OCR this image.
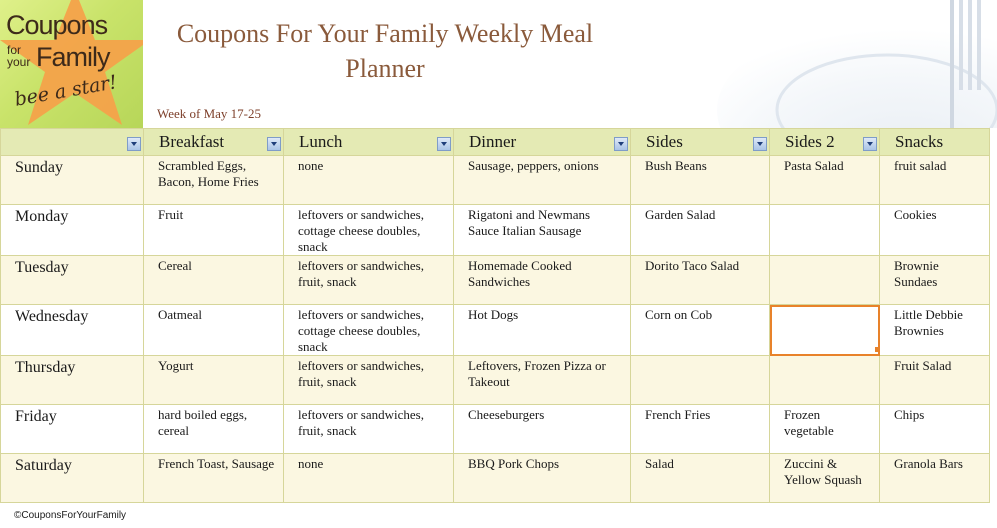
Coupons
for
your Family
bee a star!
Coupons For Your Family Weekly Meal
Planner
Week of May 17-25

	Breakfast	Lunch	Dinner	Sides	Sides 2	Snacks

Sunday	Scrambled Eggs, Bacon, Home Fries	none	Sausage, peppers, onions	Bush Beans	Pasta Salad	fruit salad

Monday	Fruit	leftovers or sandwiches, cottage cheese doubles, snack	Rigatoni and Newmans Sauce Italian Sausage	Garden Salad		Cookies

Tuesday	Cereal	leftovers or sandwiches, fruit, snack	Homemade Cooked Sandwiches	Dorito Taco Salad		Brownie Sundaes

Wednesday	Oatmeal	leftovers or sandwiches, cottage cheese doubles, snack	Hot Dogs	Corn on Cob		Little Debbie Brownies

Thursday	Yogurt	leftovers or sandwiches, fruit, snack	Leftovers, Frozen Pizza or Takeout			Fruit Salad

Friday	hard boiled eggs, cereal	leftovers or sandwiches, fruit, snack	Cheeseburgers	French Fries	Frozen vegetable	Chips

Saturday	French Toast, Sausage	none	BBQ Pork Chops	Salad	Zuccini & Yellow Squash	Granola Bars
©CouponsForYourFamily
